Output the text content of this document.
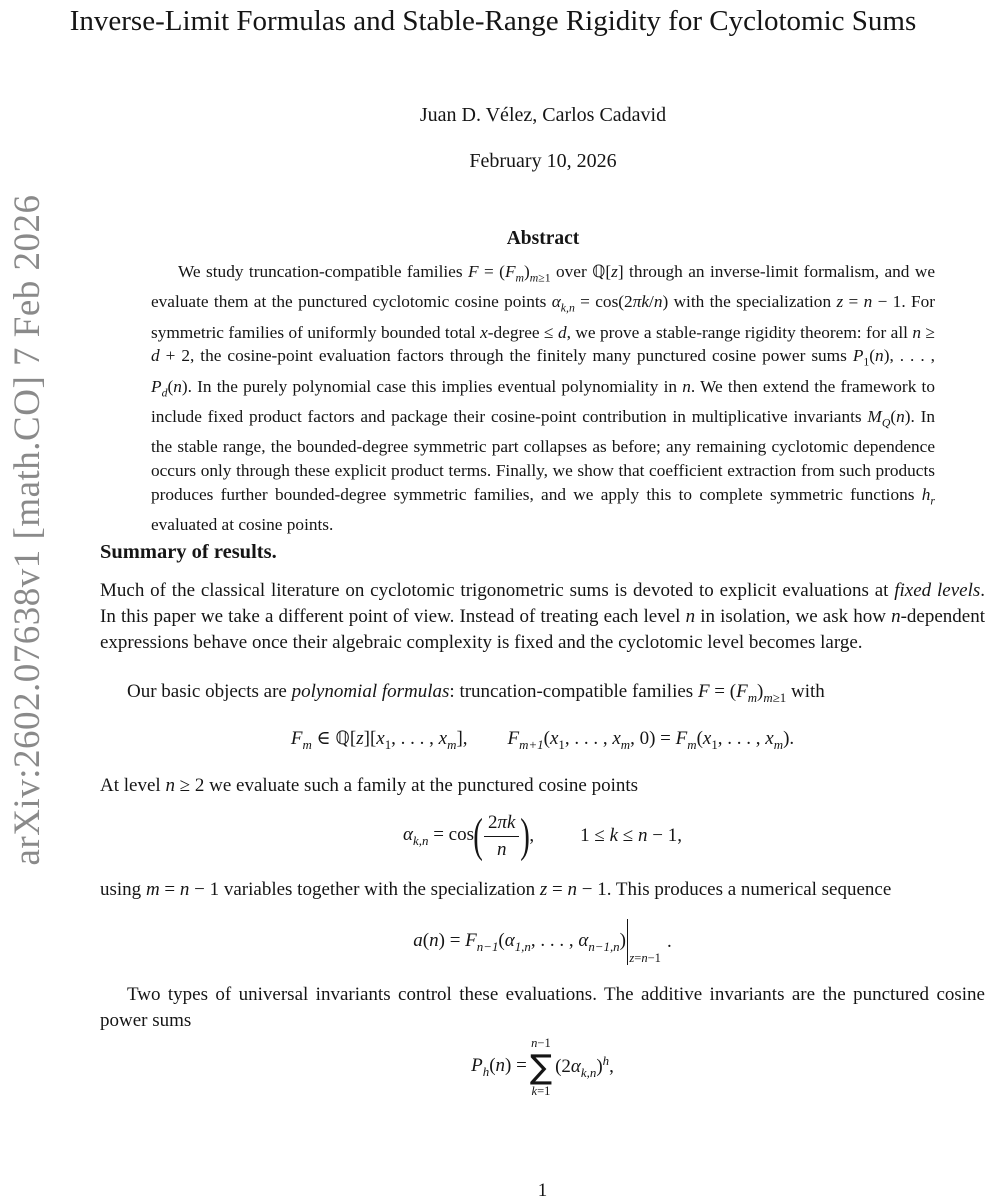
arXiv:2602.07638v1 [math.CO] 7 Feb 2026
Inverse-Limit Formulas and Stable-Range Rigidity for Cyclotomic Sums
Juan D. Vélez, Carlos Cadavid
February 10, 2026
Abstract
We study truncation-compatible families $F = (F_m)_{m\ge 1}$ over ℚ[z] through an inverse-limit formalism, and we evaluate them at the punctured cyclotomic cosine points $\alpha_{k,n} = \cos(2\pi k/n)$ with the specialization z = n − 1. For symmetric families of uniformly bounded total x-degree ≤ d, we prove a stable-range rigidity theorem: for all n ≥ d + 2, the cosine-point evaluation factors through the finitely many punctured cosine power sums $P_1(n)$, . . . , $P_d(n)$. In the purely polynomial case this implies eventual polynomiality in n. We then extend the framework to include fixed product factors and package their cosine-point contribution in multiplicative invariants $M_Q(n)$. In the stable range, the bounded-degree symmetric part collapses as before; any remaining cyclotomic dependence occurs only through these explicit product terms. Finally, we show that coefficient extraction from such products produces further bounded-degree symmetric families, and we apply this to complete symmetric functions $h_r$ evaluated at cosine points.
Summary of results.
Much of the classical literature on cyclotomic trigonometric sums is devoted to explicit evaluations at fixed levels. In this paper we take a different point of view. Instead of treating each level n in isolation, we ask how n-dependent expressions behave once their algebraic complexity is fixed and the cyclotomic level becomes large.
Our basic objects are polynomial formulas: truncation-compatible families $F = (F_m)_{m\ge 1}$ with
$F_m$ ∈ $ℚ[z][x_1$, . . . , $x_m$], $F_{m+1}(x_1$, . . . , $x_m$, $0) = F_m(x_1$, . . . , $x_m$).
At level n ≥ 2 we evaluate such a family at the punctured cosine points
$\alpha_{k,n} = \cos$ ( $\frac{2\pi k}{n}$ ) , 1 ≤ k ≤ n − 1,
using m = n − 1 variables together with the specialization z = n − 1. This produces a numerical sequence
$a(n) = F_{n-1}(\alpha_{1,n}$, . . . , $\alpha_{n-1,n}$)
z=n−1
.
Two types of universal invariants control these evaluations. The additive invariants are the punctured cosine power sums
$P_h(n)$ =
n−1
∑
k=1
$(2\alpha_{k,n})^h$,
1
